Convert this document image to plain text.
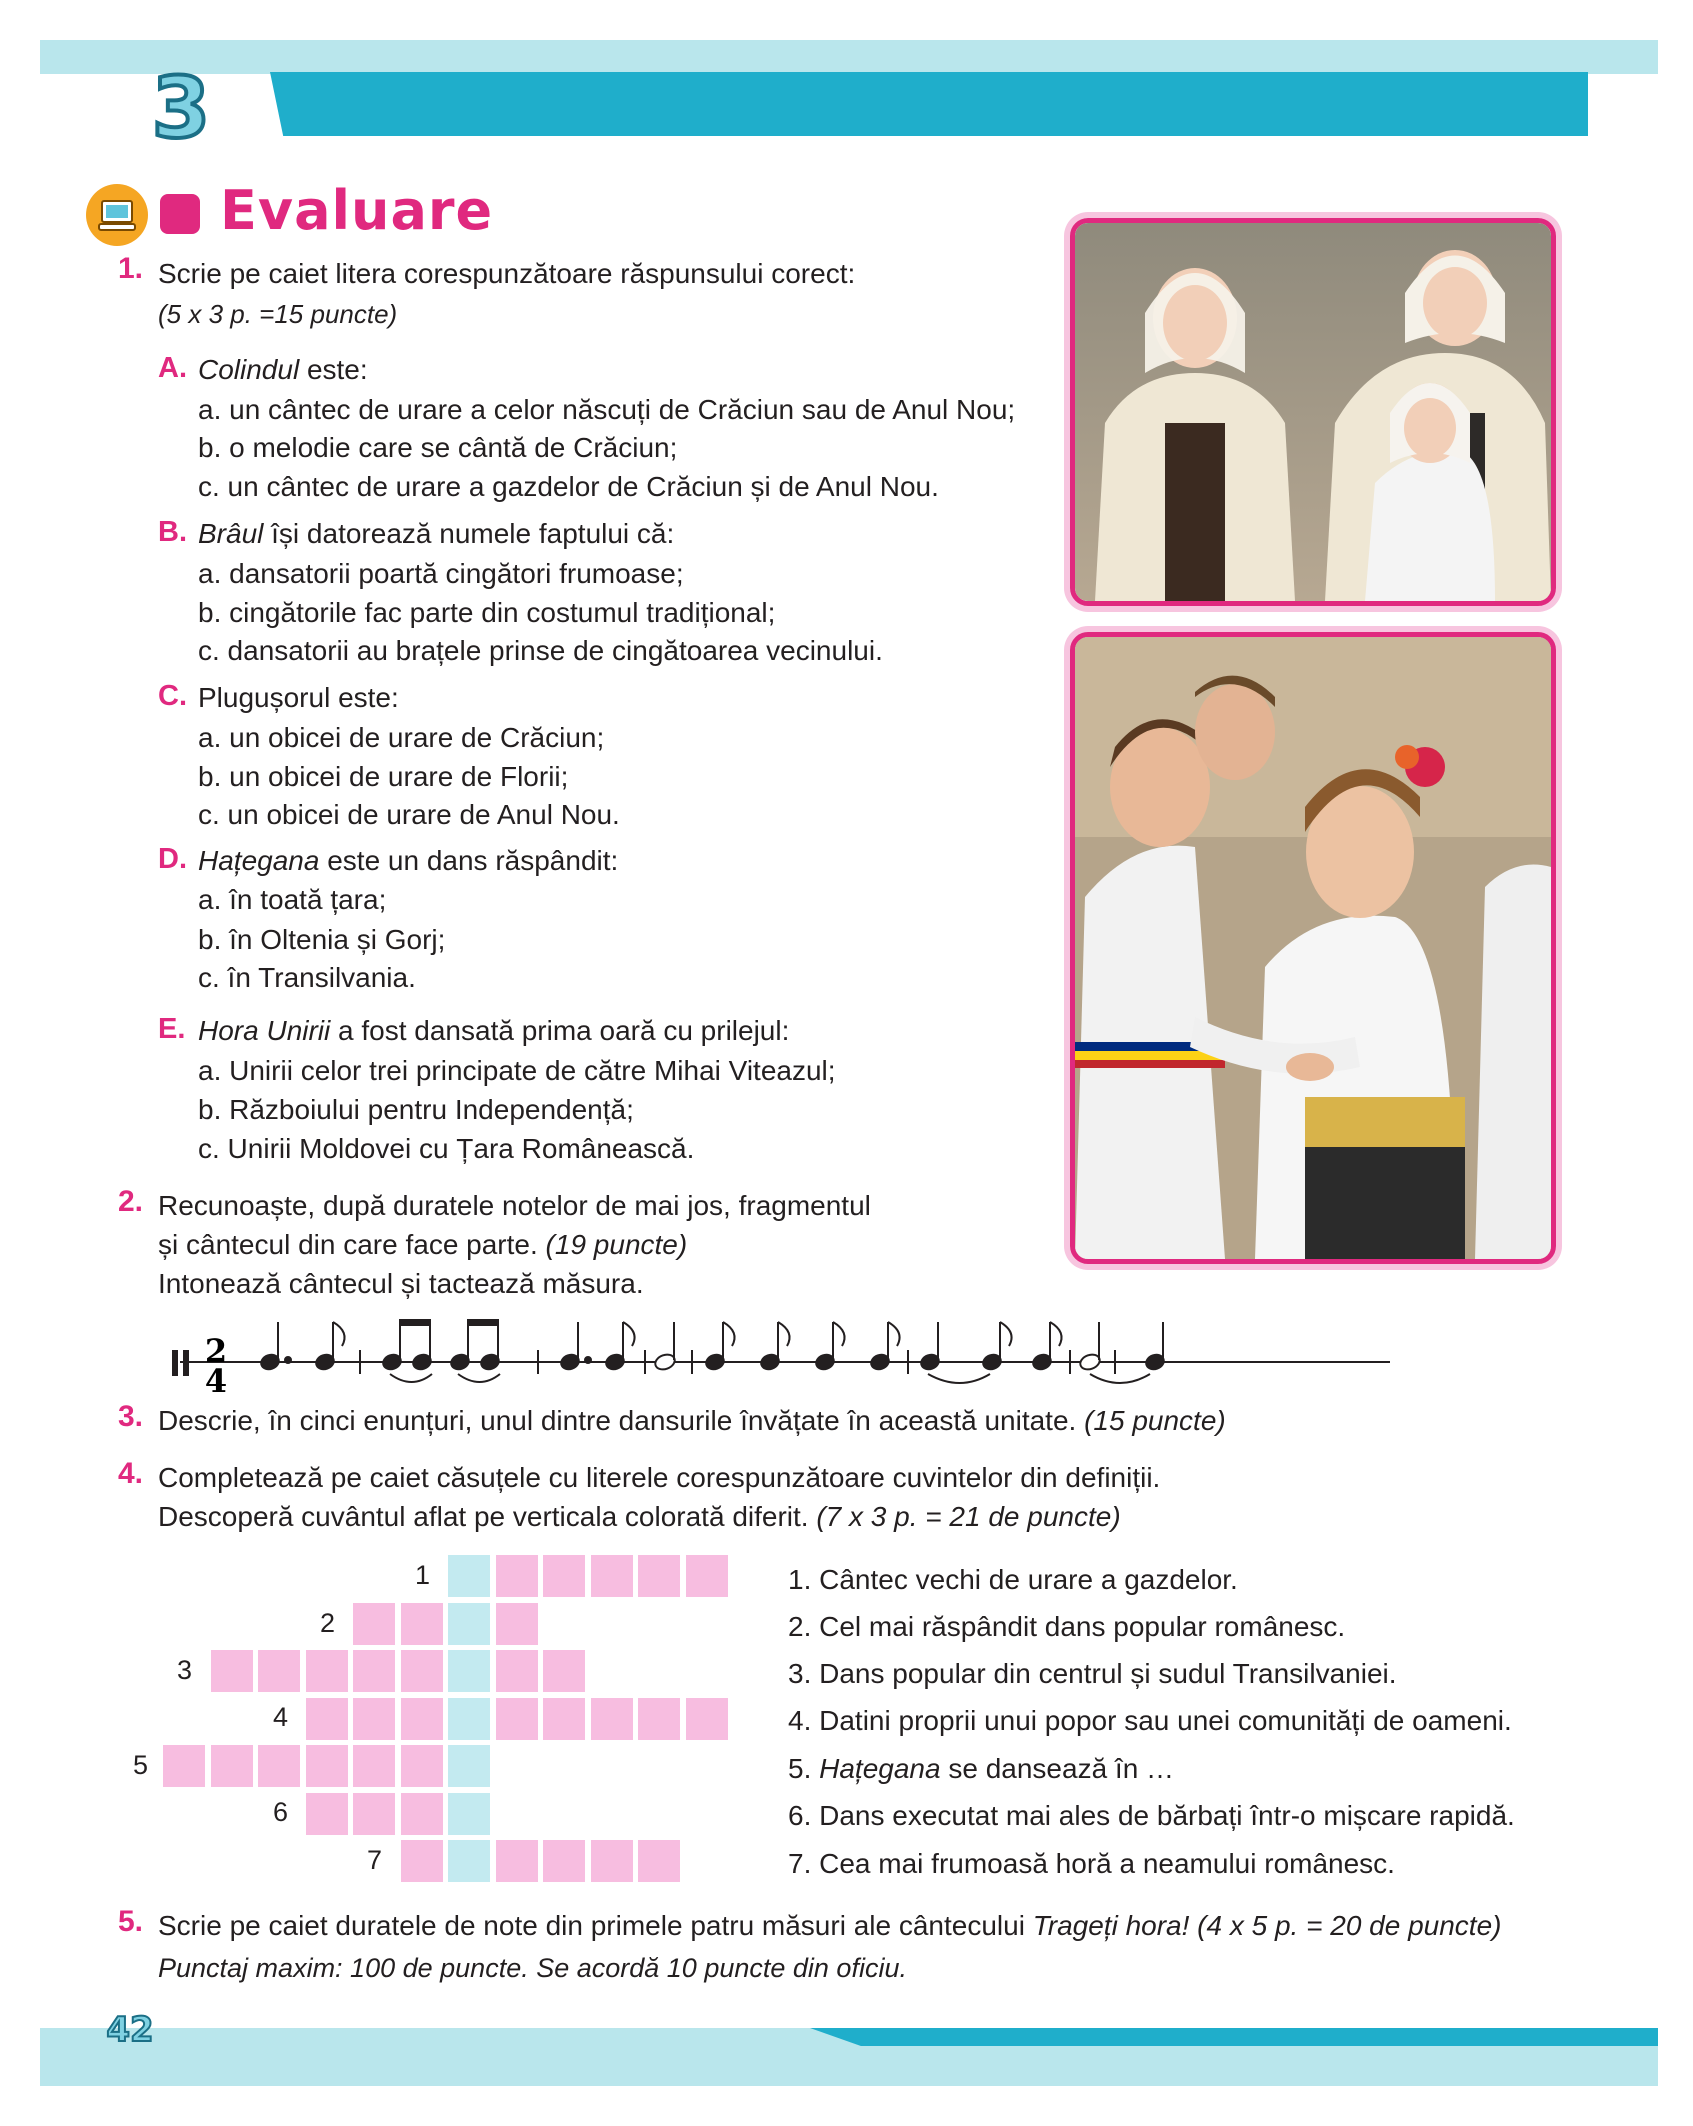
3
Evaluare
1. Scrie pe caiet litera corespunzătoare răspunsului corect:
(5 x 3 p. =15 puncte)
A. Colindul este:
a. un cântec de urare a celor născuți de Crăciun sau de Anul Nou;
b. o melodie care se cântă de Crăciun;
c. un cântec de urare a gazdelor de Crăciun și de Anul Nou.
B. Brâul își datorează numele faptului că:
a. dansatorii poartă cingători frumoase;
b. cingătorile fac parte din costumul tradițional;
c. dansatorii au brațele prinse de cingătoarea vecinului.
C. Plugușorul este:
a. un obicei de urare de Crăciun;
b. un obicei de urare de Florii;
c. un obicei de urare de Anul Nou.
D. Hațegana este un dans răspândit:
a. în toată țara;
b. în Oltenia și Gorj;
c. în Transilvania.
E. Hora Unirii a fost dansată prima oară cu prilejul:
a. Unirii celor trei principate de către Mihai Viteazul;
b. Războiului pentru Independență;
c. Unirii Moldovei cu Țara Românească.
2. Recunoaște, după duratele notelor de mai jos, fragmentul
și cântecul din care face parte. (19 puncte)
Intonează cântecul și tactează măsura.
2
4
3. Descrie, în cinci enunțuri, unul dintre dansurile învățate în această unitate. (15 puncte)
4. Completează pe caiet căsuțele cu literele corespunzătoare cuvintelor din definiții.
Descoperă cuvântul aflat pe verticala colorată diferit. (7 x 3 p. = 21 de puncte)
1
2
3
4
5
6
7
1. Cântec vechi de urare a gazdelor.
2. Cel mai răspândit dans popular românesc.
3. Dans popular din centrul și sudul Transilvaniei.
4. Datini proprii unui popor sau unei comunități de oameni.
5. Hațegana se dansează în …
6. Dans executat mai ales de bărbați într-o mișcare rapidă.
7. Cea mai frumoasă horă a neamului românesc.
5. Scrie pe caiet duratele de note din primele patru măsuri ale cântecului Trageți hora! (4 x 5 p. = 20 de puncte)
Punctaj maxim: 100 de puncte. Se acordă 10 puncte din oficiu.
42
